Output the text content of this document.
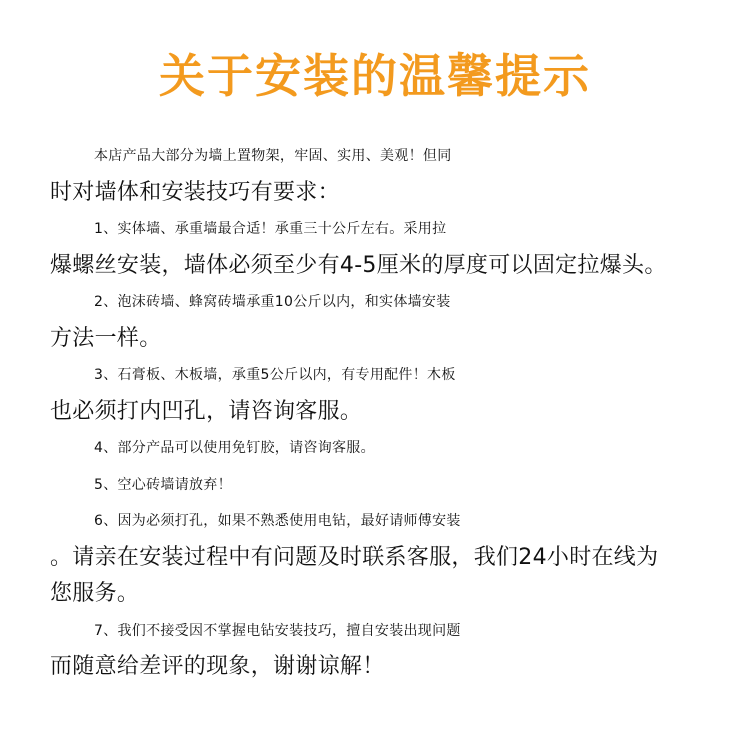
关于安装的温馨提示

本店产品大部分为墙上置物架，牢固、实用、美观！但同
时对墙体和安装技巧有要求：

1、实体墙、承重墙最合适！承重三十公斤左右。采用拉
爆螺丝安装，墙体必须至少有4-5厘米的厚度可以固定拉爆头。

2、泡沫砖墙、蜂窝砖墙承重10公斤以内，和实体墙安装
方法一样。

3、石膏板、木板墙，承重5公斤以内，有专用配件！木板
也必须打内凹孔，请咨询客服。

4、部分产品可以使用免钉胶，请咨询客服。

5、空心砖墙请放弃！

6、因为必须打孔，如果不熟悉使用电钻，最好请师傅安装
。请亲在安装过程中有问题及时联系客服，我们24小时在线为
您服务。

7、我们不接受因不掌握电钻安装技巧，擅自安装出现问题
而随意给差评的现象，谢谢谅解！
